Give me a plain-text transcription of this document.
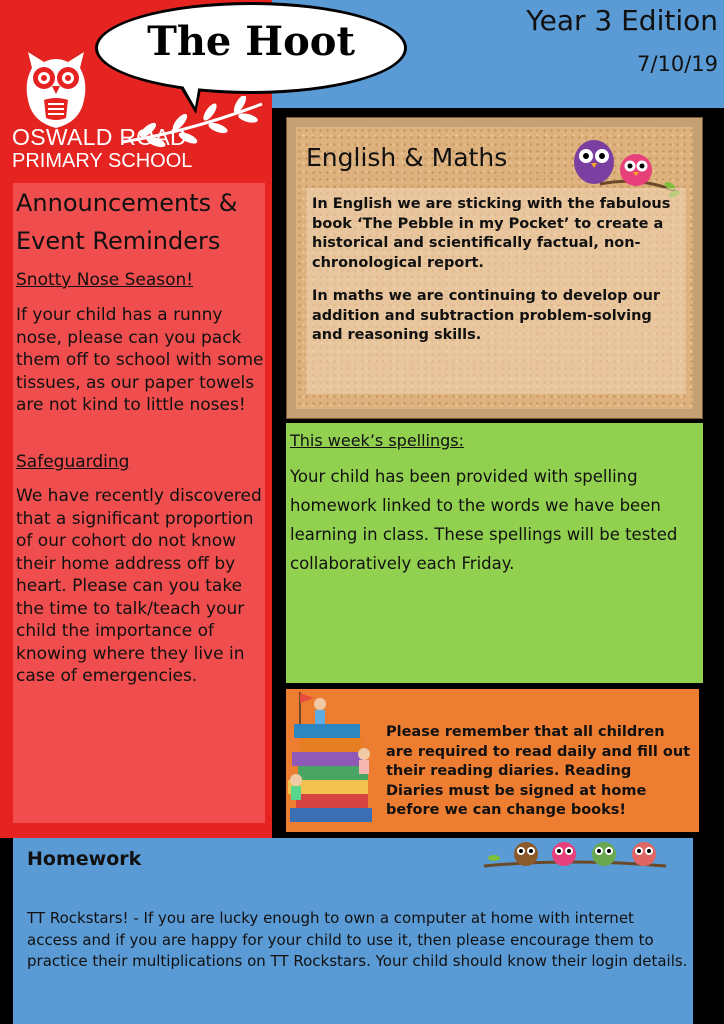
The Hoot	Year 3 Edition
7/10/19
OSWALD ROAD
PRIMARY SCHOOL
Announcements & Event Reminders
Snotty Nose Season!
If your child has a runny nose, please can you pack them off to school with some tissues, as our paper towels are not kind to little noses!
Safeguarding
We have recently discovered that a significant proportion of our cohort do not know their home address off by heart. Please can you take the time to talk/teach your child the importance of knowing where they live in case of emergencies.
English & Maths
In English we are sticking with the fabulous book ‘The Pebble in my Pocket’ to create a historical and scientifically factual, non-chronological report.
In maths we are continuing to develop our addition and subtraction problem-solving and reasoning skills.
This week’s spellings:
Your child has been provided with spelling homework linked to the words we have been learning in class. These spellings will be tested collaboratively each Friday.
Please remember that all children are required to read daily and fill out their reading diaries. Reading Diaries must be signed at home before we can change books!
Homework
TT Rockstars! - If you are lucky enough to own a computer at home with internet access and if you are happy for your child to use it, then please encourage them to practice their multiplications on TT Rockstars. Your child should know their login details.
